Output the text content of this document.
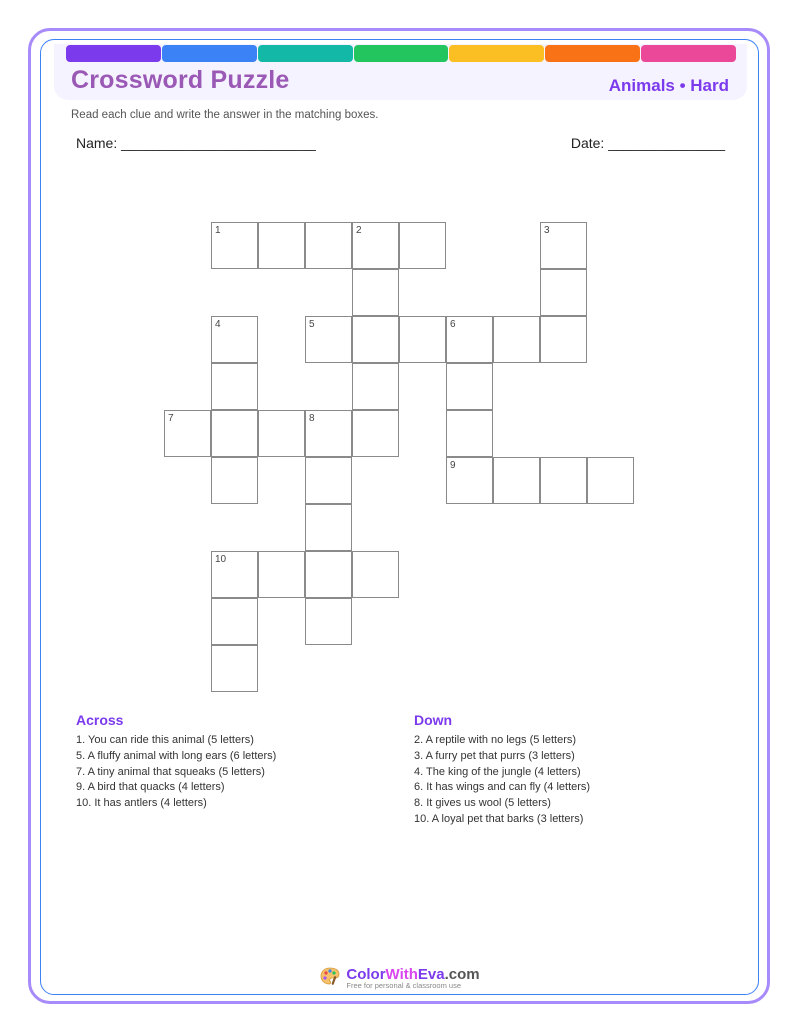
Crossword Puzzle	Animals • Hard
Read each clue and write the answer in the matching boxes.
Name: _________________________	Date: _______________
1	2	3
4	5	6
7	8
9
10
Across
1. You can ride this animal (5 letters)
5. A fluffy animal with long ears (6 letters)
7. A tiny animal that squeaks (5 letters)
9. A bird that quacks (4 letters)
10. It has antlers (4 letters)
Down
2. A reptile with no legs (5 letters)
3. A furry pet that purrs (3 letters)
4. The king of the jungle (4 letters)
6. It has wings and can fly (4 letters)
8. It gives us wool (5 letters)
10. A loyal pet that barks (3 letters)
ColorWithEva.com
Free for personal & classroom use
